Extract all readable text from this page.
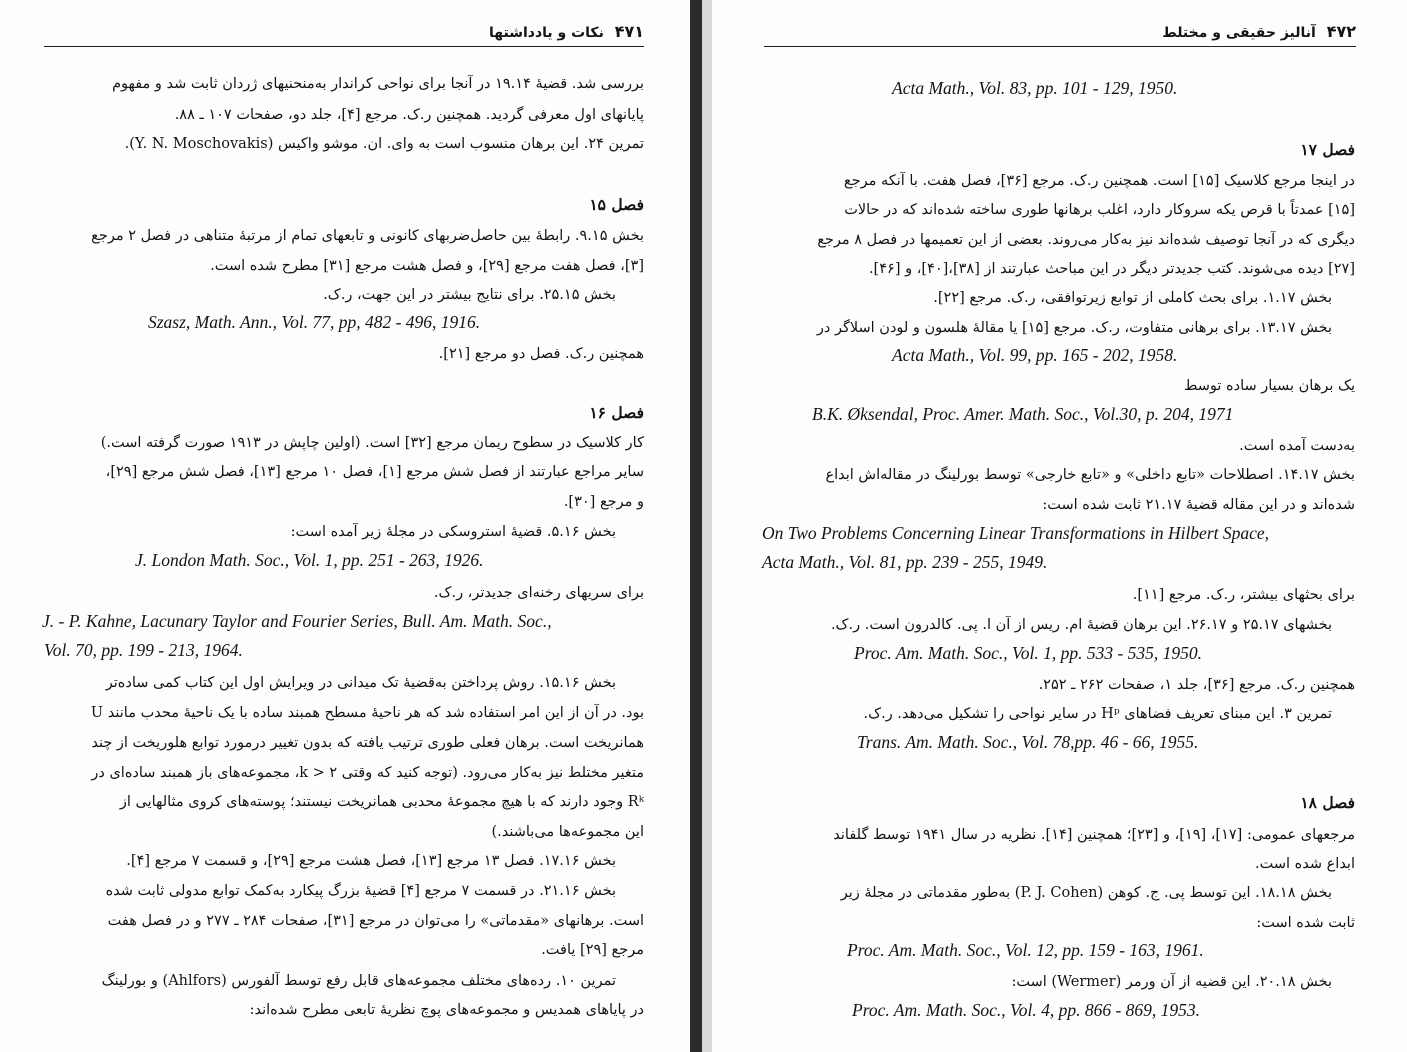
۴۷۱ نکات و یادداشتها
بررسی شد. قضیهٔ ۱۹.۱۴ در آنجا برای نواحی کراندار به‌منحنیهای ژردان ثابت شد و مفهوم
پایانهای اول معرفی گردید. همچنین ر.ک. مرجع [۴]، جلد دو، صفحات ۱۰۷ ـ ۸۸.
تمرین ۲۴. این برهان منسوب است به وای. ان. موشو واکیس (Y. N. Moschovakis).
فصل ۱۵
بخش ۹.۱۵. رابطهٔ بین حاصل‌ضربهای کانونی و تابعهای تمام از مرتبهٔ متناهی در فصل ۲ مرجع
[۳]، فصل هفت مرجع [۲۹]، و فصل هشت مرجع [۳۱] مطرح شده است.
بخش ۲۵.۱۵. برای نتایج بیشتر در این جهت، ر.ک.
Szasz, Math. Ann., Vol. 77, pp, 482 - 496, 1916.
همچنین ر.ک. فصل دو مرجع [۲۱].
فصل ۱۶
کار کلاسیک در سطوح ریمان مرجع [۳۲] است. (اولین چاپش در ۱۹۱۳ صورت گرفته است.)
سایر مراجع عبارتند از فصل شش مرجع [۱]، فصل ۱۰ مرجع [۱۳]، فصل شش مرجع [۲۹]،
و مرجع [۳۰].
بخش ۵.۱۶. قضیهٔ استروسکی در مجلهٔ زیر آمده است:
J. London Math. Soc., Vol. 1, pp. 251 - 263, 1926.
برای سریهای رخنه‌ای جدیدتر، ر.ک.
J. - P. Kahne, Lacunary Taylor and Fourier Series, Bull. Am. Math. Soc.,
Vol. 70, pp. 199 - 213, 1964.
بخش ۱۵.۱۶. روش پرداختن به‌قضیهٔ تک میدانی در ویرایش اول این کتاب کمی ساده‌تر
بود. در آن از این امر استفاده شد که هر ناحیهٔ مسطح همبند ساده با یک ناحیهٔ محدب مانند U
همانریخت است. برهان فعلی طوری ترتیب یافته که بدون تغییر درمورد توابع هلوریخت از چند
متغیر مختلط نیز به‌کار می‌رود. (توجه کنید که وقتی k > ۲، مجموعه‌های باز همبند ساده‌ای در
Rᵏ وجود دارند که با هیچ مجموعهٔ محدبی همانریخت نیستند؛ پوسته‌های کروی مثالهایی از
این مجموعه‌ها می‌باشند.)
بخش ۱۷.۱۶. فصل ۱۳ مرجع [۱۳]، فصل هشت مرجع [۲۹]، و قسمت ۷ مرجع [۴].
بخش ۲۱.۱۶. در قسمت ۷ مرجع [۴] قضیهٔ بزرگ پیکارد به‌کمک توابع مدولی ثابت شده
است. برهانهای «مقدماتی» را می‌توان در مرجع [۳۱]، صفحات ۲۸۴ ـ ۲۷۷ و در فصل هفت
مرجع [۲۹] یافت.
تمرین ۱۰. رده‌های مختلف مجموعه‌های قابل رفع توسط آلفورس (Ahlfors) و بورلینگ
در پایاهای همدیس و مجموعه‌های پوچ نظریهٔ تابعی مطرح شده‌اند:
۴۷۲ آنالیز حقیقی و مختلط
Acta Math., Vol. 83, pp. 101 - 129, 1950.
فصل ۱۷
در اینجا مرجع کلاسیک [۱۵] است. همچنین ر.ک. مرجع [۳۶]، فصل هفت. با آنکه مرجع
[۱۵] عمدتاً با قرص یکه سروکار دارد، اغلب برهانها طوری ساخته شده‌اند که در حالات
دیگری که در آنجا توصیف شده‌اند نیز به‌کار می‌روند. بعضی از این تعمیمها در فصل ۸ مرجع
[۲۷] دیده می‌شوند. کتب جدیدتر دیگر در این مباحث عبارتند از [۳۸]،[۴۰]، و [۴۶].
بخش ۱.۱۷. برای بحث کاملی از توابع زیرتوافقی، ر.ک. مرجع [۲۲].
بخش ۱۳.۱۷. برای برهانی متفاوت، ر.ک. مرجع [۱۵] یا مقالهٔ هلسون و لودن اسلاگر در
Acta Math., Vol. 99, pp. 165 - 202, 1958.
یک برهان بسیار ساده توسط
B.K. Øksendal, Proc. Amer. Math. Soc., Vol.30, p. 204, 1971
به‌دست آمده است.
بخش ۱۴.۱۷. اصطلاحات «تابع داخلی» و «تابع خارجی» توسط بورلینگ در مقاله‌اش ابداع
شده‌اند و در این مقاله قضیهٔ ۲۱.۱۷ ثابت شده است:
On Two Problems Concerning Linear Transformations in Hilbert Space,
Acta Math., Vol. 81, pp. 239 - 255, 1949.
برای بحثهای بیشتر، ر.ک. مرجع [۱۱].
بخشهای ۲۵.۱۷ و ۲۶.۱۷. این برهان قضیهٔ ام. ریس از آن ا. پی. کالدرون است. ر.ک.
Proc. Am. Math. Soc., Vol. 1, pp. 533 - 535, 1950.
همچنین ر.ک. مرجع [۳۶]، جلد ۱، صفحات ۲۶۲ ـ ۲۵۲.
تمرین ۳. این مبنای تعریف فضاهای Hᵖ در سایر نواحی را تشکیل می‌دهد. ر.ک.
Trans. Am. Math. Soc., Vol. 78,pp. 46 - 66, 1955.
فصل ۱۸
مرجعهای عمومی: [۱۷]، [۱۹]، و [۲۳]؛ همچنین [۱۴]. نظریه در سال ۱۹۴۱ توسط گلفاند
ابداع شده است.
بخش ۱۸.۱۸. این توسط پی. ج. کوهن (P. J. Cohen) به‌طور مقدماتی در مجلهٔ زیر
ثابت شده است:
Proc. Am. Math. Soc., Vol. 12, pp. 159 - 163, 1961.
بخش ۲۰.۱۸. این قضیه از آن ورمر (Wermer) است:
Proc. Am. Math. Soc., Vol. 4, pp. 866 - 869, 1953.
